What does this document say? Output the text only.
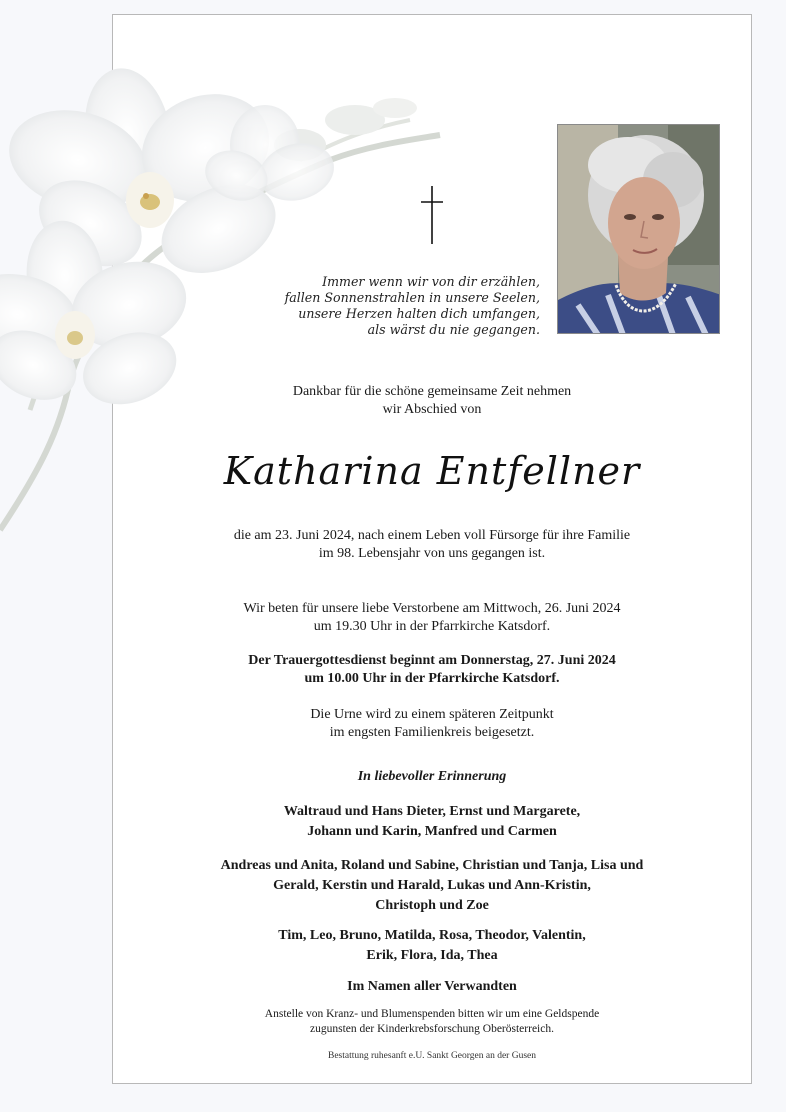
Immer wenn wir von dir erzählen,
fallen Sonnenstrahlen in unsere Seelen,
unsere Herzen halten dich umfangen,
als wärst du nie gegangen.
Dankbar für die schöne gemeinsame Zeit nehmen
wir Abschied von
Katharina Entfellner
die am 23. Juni 2024, nach einem Leben voll Fürsorge für ihre Familie
im 98. Lebensjahr von uns gegangen ist.
Wir beten für unsere liebe Verstorbene am Mittwoch, 26. Juni 2024
um 19.30 Uhr in der Pfarrkirche Katsdorf.
Der Trauergottesdienst beginnt am Donnerstag, 27. Juni 2024
um 10.00 Uhr in der Pfarrkirche Katsdorf.
Die Urne wird zu einem späteren Zeitpunkt
im engsten Familienkreis beigesetzt.
In liebevoller Erinnerung
Waltraud und Hans Dieter, Ernst und Margarete,
Johann und Karin, Manfred und Carmen
Andreas und Anita, Roland und Sabine, Christian und Tanja, Lisa und
Gerald, Kerstin und Harald, Lukas und Ann-Kristin,
Christoph und Zoe
Tim, Leo, Bruno, Matilda, Rosa, Theodor, Valentin,
Erik, Flora, Ida, Thea
Im Namen aller Verwandten
Anstelle von Kranz- und Blumenspenden bitten wir um eine Geldspende
zugunsten der Kinderkrebsforschung Oberösterreich.
Bestattung ruhesanft e.U. Sankt Georgen an der Gusen
